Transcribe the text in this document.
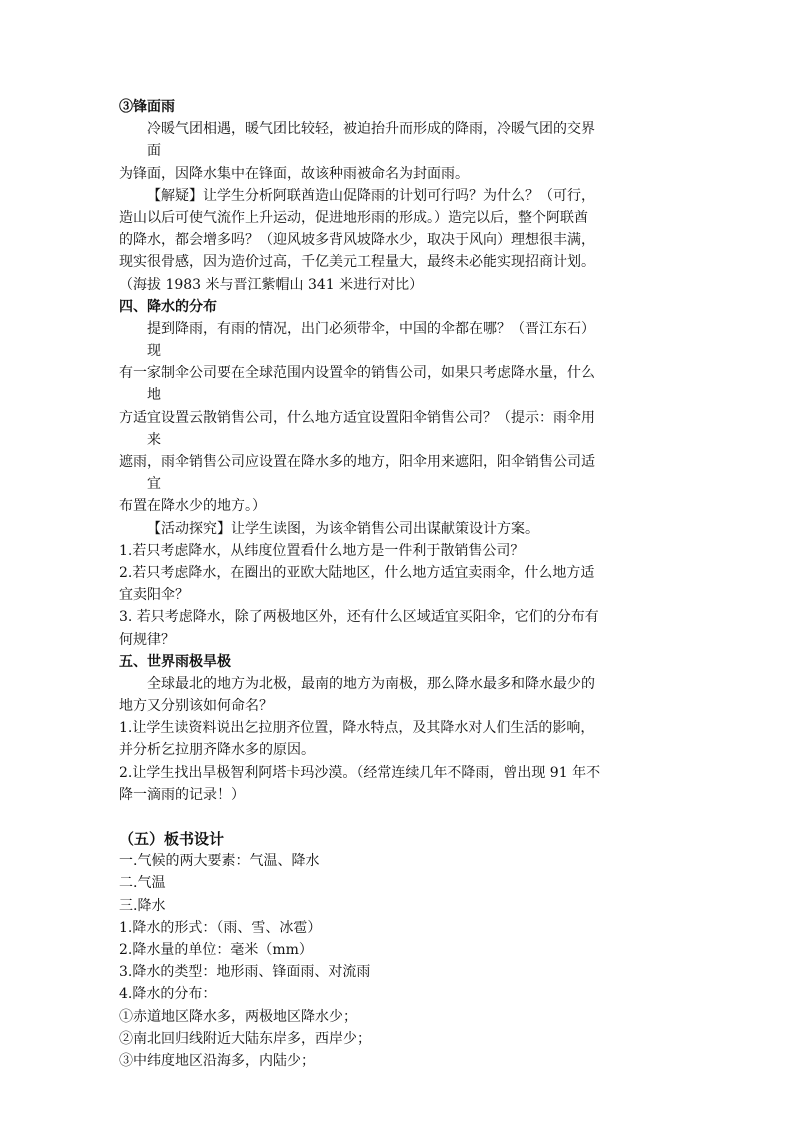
③锋面雨
冷暖气团相遇，暖气团比较轻，被迫抬升而形成的降雨，冷暖气团的交界
面
为锋面，因降水集中在锋面，故该种雨被命名为封面雨。
【解疑】让学生分析阿联酋造山促降雨的计划可行吗？为什么？（可行，
造山以后可使气流作上升运动，促进地形雨的形成。）造完以后，整个阿联酋
的降水，都会增多吗？（迎风坡多背风坡降水少，取决于风向）理想很丰满，
现实很骨感，因为造价过高，千亿美元工程量大，最终未必能实现招商计划。
（海拔 1983 米与晋江紫帽山 341 米进行对比）
四、降水的分布
提到降雨，有雨的情况，出门必须带伞，中国的伞都在哪？（晋江东石）
现
有一家制伞公司要在全球范围内设置伞的销售公司，如果只考虑降水量，什么
地
方适宜设置云散销售公司，什么地方适宜设置阳伞销售公司？（提示：雨伞用
来
遮雨，雨伞销售公司应设置在降水多的地方，阳伞用来遮阳，阳伞销售公司适
宜
布置在降水少的地方。）
【活动探究】让学生读图，为该伞销售公司出谋献策设计方案。
1.若只考虑降水，从纬度位置看什么地方是一件利于散销售公司？
2.若只考虑降水，在圈出的亚欧大陆地区，什么地方适宜卖雨伞，什么地方适
宜卖阳伞？
3. 若只考虑降水，除了两极地区外，还有什么区域适宜买阳伞，它们的分布有
何规律？
五、世界雨极旱极
全球最北的地方为北极，最南的地方为南极，那么降水最多和降水最少的
地方又分别该如何命名？
1.让学生读资料说出乞拉朋齐位置，降水特点，及其降水对人们生活的影响，
并分析乞拉朋齐降水多的原因。
2.让学生找出旱极智利阿塔卡玛沙漠。（经常连续几年不降雨，曾出现 91 年不
降一滴雨的记录！）
（五）板书设计
一.气候的两大要素：气温、降水
二.气温
三.降水
1.降水的形式：（雨、雪、冰雹）
2.降水量的单位：毫米（mm）
3.降水的类型：地形雨、锋面雨、对流雨
4.降水的分布：
①赤道地区降水多，两极地区降水少；
②南北回归线附近大陆东岸多，西岸少；
③中纬度地区沿海多，内陆少；
